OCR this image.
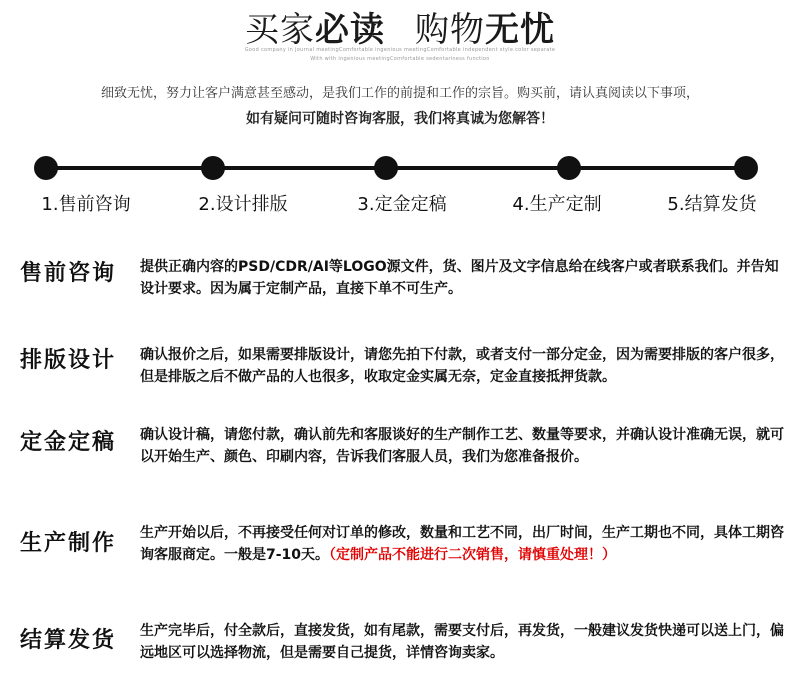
买家必读 购物无忧
Good company in journal meetingComfortable ingenious meetingComfortable independent style color separate
With with ingenious meetingComfortable sedentariness function
细致无忧，努力让客户满意甚至感动，是我们工作的前提和工作的宗旨。购买前，请认真阅读以下事项，
如有疑问可随时咨询客服，我们将真诚为您解答！
1.售前咨询	2.设计排版	3.定金定稿	4.生产定制	5.结算发货
售前咨询 提供正确内容的PSD/CDR/AI等LOGO源文件，货、图片及文字信息给在线客户或者联系我们。并告知设计要求。因为属于定制产品，直接下单不可生产。
排版设计 确认报价之后，如果需要排版设计，请您先拍下付款，或者支付一部分定金，因为需要排版的客户很多，但是排版之后不做产品的人也很多，收取定金实属无奈，定金直接抵押货款。
定金定稿 确认设计稿，请您付款，确认前先和客服谈好的生产制作工艺、数量等要求，并确认设计准确无误，就可以开始生产、颜色、印刷内容，告诉我们客服人员，我们为您准备报价。
生产制作 生产开始以后，不再接受任何对订单的修改，数量和工艺不同，出厂时间，生产工期也不同，具体工期咨询客服商定。一般是7-10天。（定制产品不能进行二次销售，请慎重处理！）
结算发货 生产完毕后，付全款后，直接发货，如有尾款，需要支付后，再发货，一般建议发货快递可以送上门，偏远地区可以选择物流，但是需要自己提货，详情咨询卖家。
